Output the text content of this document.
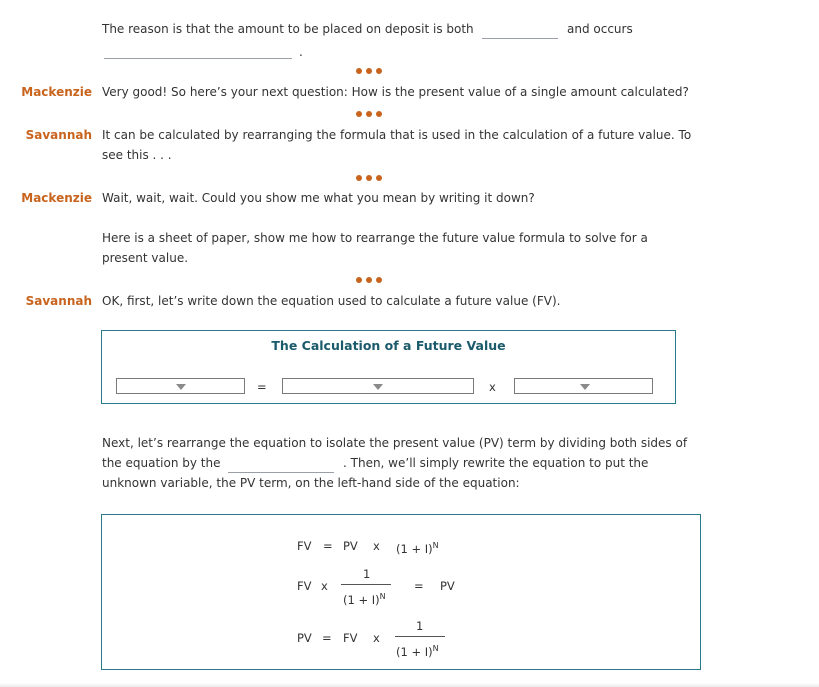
The reason is that the amount to be placed on deposit is both	and occurs
.
Mackenzie Very good! So here’s your next question: How is the present value of a single amount calculated?
Savannah It can be calculated by rearranging the formula that is used in the calculation of a future value. To
see this . . .
Mackenzie Wait, wait, wait. Could you show me what you mean by writing it down?
Here is a sheet of paper, show me how to rearrange the future value formula to solve for a
present value.
Savannah OK, first, let’s write down the equation used to calculate a future value (FV).
The Calculation of a Future Value
=	x
Next, let’s rearrange the equation to isolate the present value (PV) term by dividing both sides of
the equation by the	. Then, we’ll simply rewrite the equation to put the
unknown variable, the PV term, on the left-hand side of the equation:
FV = PV x $(1 + I)^N$
FV x
1
$(1 + I)^N$
= PV
PV = FV x
1
$(1 + I)^N$
